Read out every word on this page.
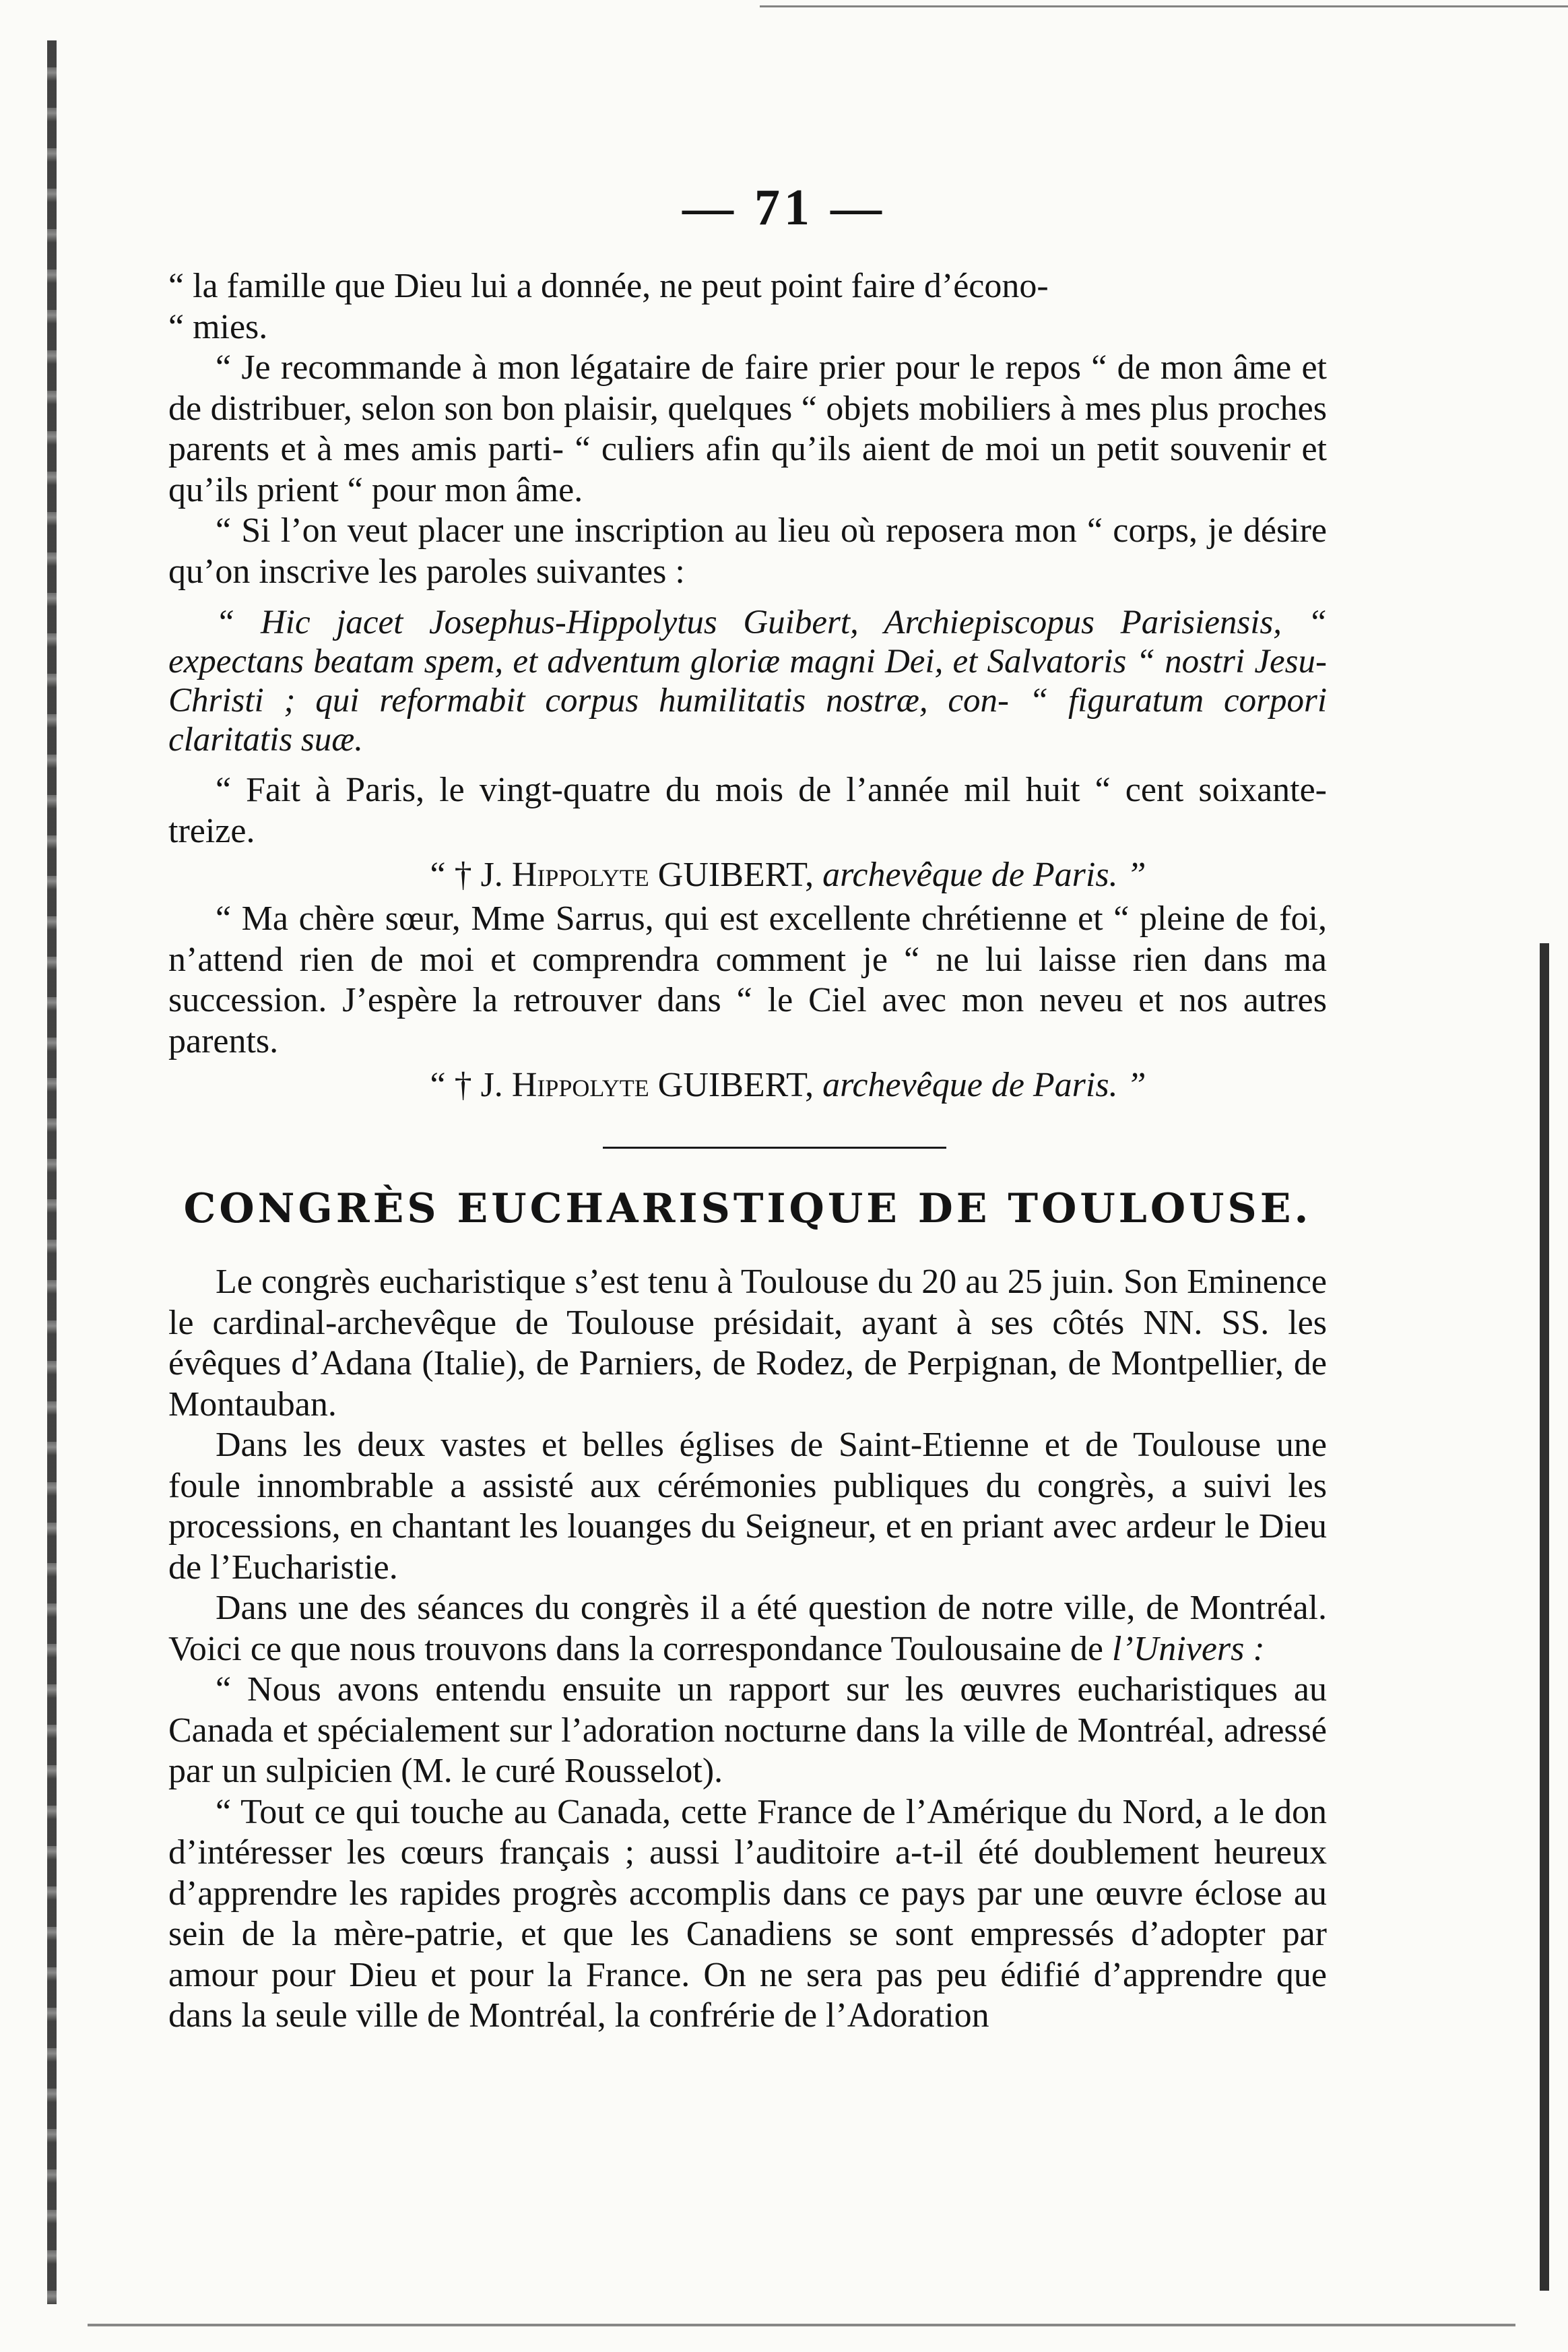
— 71 —

“ la famille que Dieu lui a donnée, ne peut point faire d’écono-

“ mies.

“ Je recommande à mon légataire de faire prier pour le repos “ de mon âme et de distribuer, selon son bon plaisir, quelques “ objets mobiliers à mes plus proches parents et à mes amis parti- “ culiers afin qu’ils aient de moi un petit souvenir et qu’ils prient “ pour mon âme.

“ Si l’on veut placer une inscription au lieu où reposera mon “ corps, je désire qu’on inscrive les paroles suivantes :

“ Hic jacet Josephus-Hippolytus Guibert, Archiepiscopus Parisiensis, “ expectans beatam spem, et adventum gloriæ magni Dei, et Salvatoris “ nostri Jesu-Christi ; qui reformabit corpus humilitatis nostræ, con- “ figuratum corpori claritatis suæ.

“ Fait à Paris, le vingt-quatre du mois de l’année mil huit “ cent soixante-treize.

“ † J. Hippolyte GUIBERT, archevêque de Paris. ”

“ Ma chère sœur, Mme Sarrus, qui est excellente chrétienne et “ pleine de foi, n’attend rien de moi et comprendra comment je “ ne lui laisse rien dans ma succession. J’espère la retrouver dans “ le Ciel avec mon neveu et nos autres parents.

“ † J. Hippolyte GUIBERT, archevêque de Paris. ”
CONGRÈS EUCHARISTIQUE DE TOULOUSE.

Le congrès eucharistique s’est tenu à Toulouse du 20 au 25 juin. Son Eminence le cardinal-archevêque de Toulouse présidait, ayant à ses côtés NN. SS. les évêques d’Adana (Italie), de Parniers, de Rodez, de Perpignan, de Montpellier, de Montauban.

Dans les deux vastes et belles églises de Saint-Etienne et de Toulouse une foule innombrable a assisté aux cérémonies publiques du congrès, a suivi les processions, en chantant les louanges du Seigneur, et en priant avec ardeur le Dieu de l’Eucharistie.

Dans une des séances du congrès il a été question de notre ville, de Montréal. Voici ce que nous trouvons dans la correspondance Toulousaine de l’Univers :

“ Nous avons entendu ensuite un rapport sur les œuvres eucharistiques au Canada et spécialement sur l’adoration nocturne dans la ville de Montréal, adressé par un sulpicien (M. le curé Rousselot).

“ Tout ce qui touche au Canada, cette France de l’Amérique du Nord, a le don d’intéresser les cœurs français ; aussi l’auditoire a-t-il été doublement heureux d’apprendre les rapides progrès accomplis dans ce pays par une œuvre éclose au sein de la mère-patrie, et que les Canadiens se sont empressés d’adopter par amour pour Dieu et pour la France. On ne sera pas peu édifié d’apprendre que dans la seule ville de Montréal, la confrérie de l’Adoration
